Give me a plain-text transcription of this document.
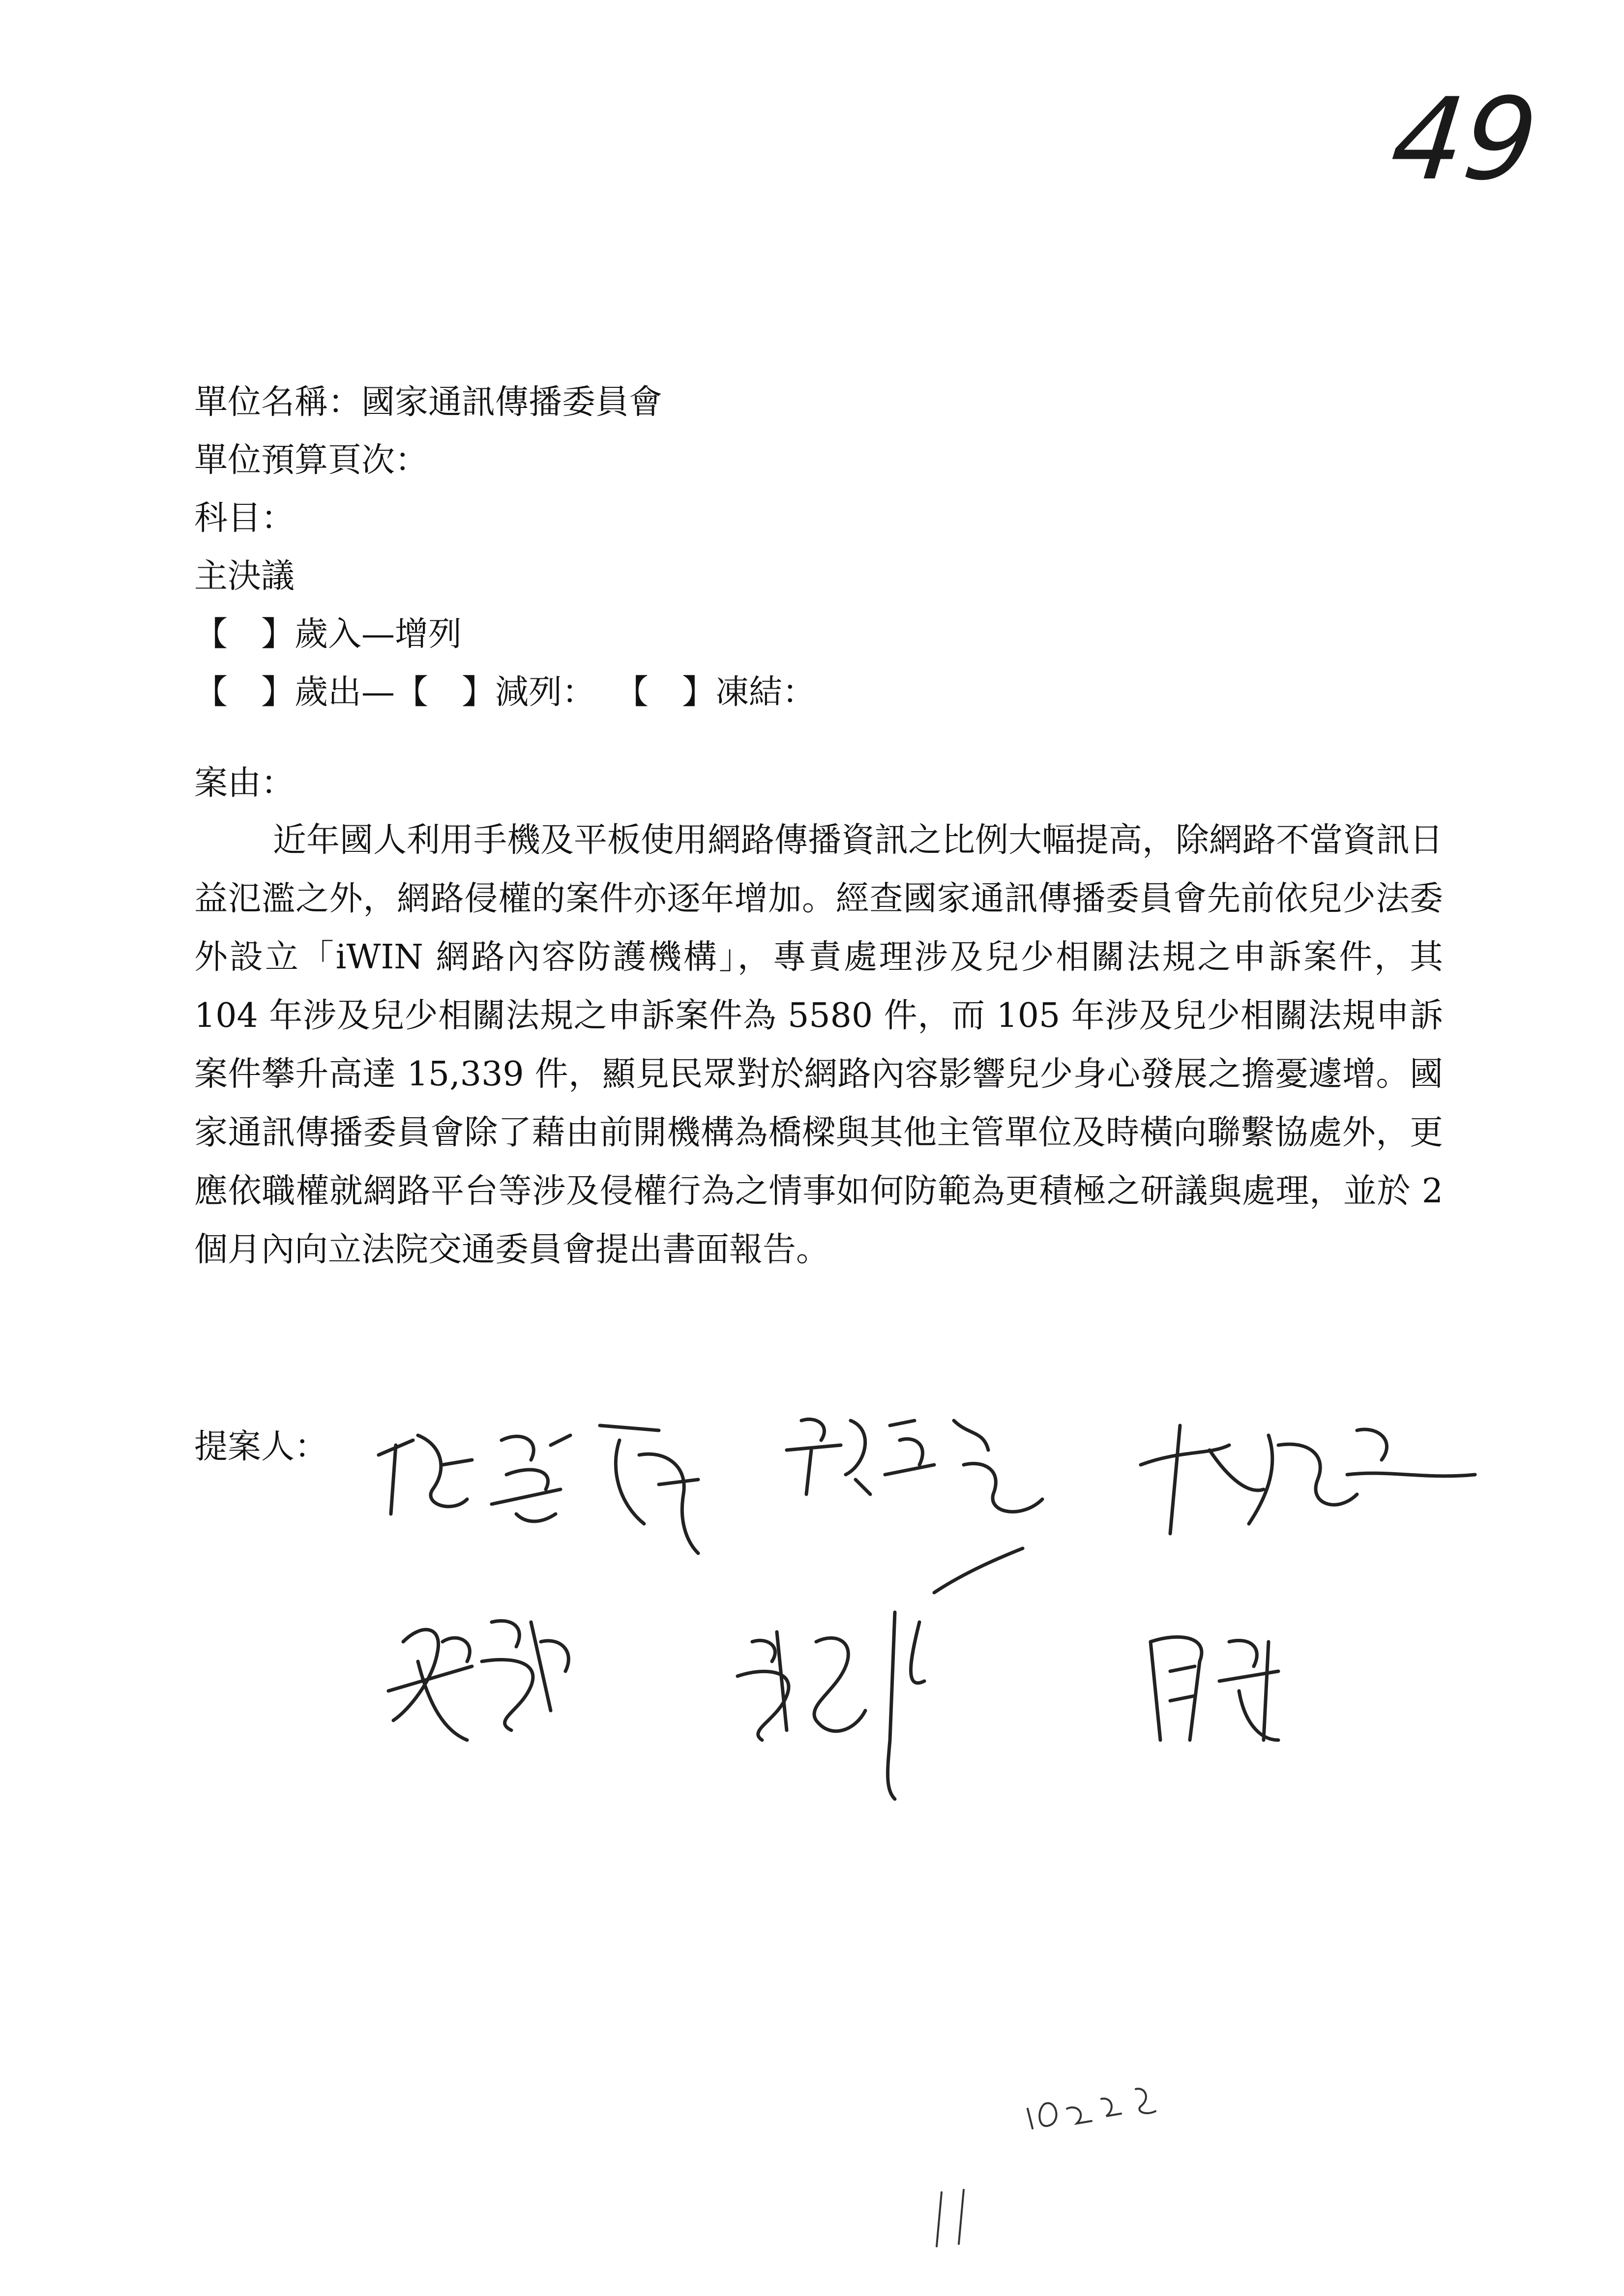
49
單位名稱：國家通訊傳播委員會
單位預算頁次：
科目：
主決議
【　】歲入—增列
【　】歲出—【　】減列： 【　】凍結：
案由：
近年國人利用手機及平板使用網路傳播資訊之比例大幅提高，除網路不當資訊日益氾濫之外，網路侵權的案件亦逐年增加。經查國家通訊傳播委員會先前依兒少法委外設立「iWIN 網路內容防護機構」，專責處理涉及兒少相關法規之申訴案件，其 104 年涉及兒少相關法規之申訴案件為 5580 件，而 105 年涉及兒少相關法規申訴案件攀升高達 15,339 件，顯見民眾對於網路內容影響兒少身心發展之擔憂遽增。國家通訊傳播委員會除了藉由前開機構為橋樑與其他主管單位及時橫向聯繫協處外，更應依職權就網路平台等涉及侵權行為之情事如何防範為更積極之研議與處理，並於 2 個月內向立法院交通委員會提出書面報告。
提案人：
